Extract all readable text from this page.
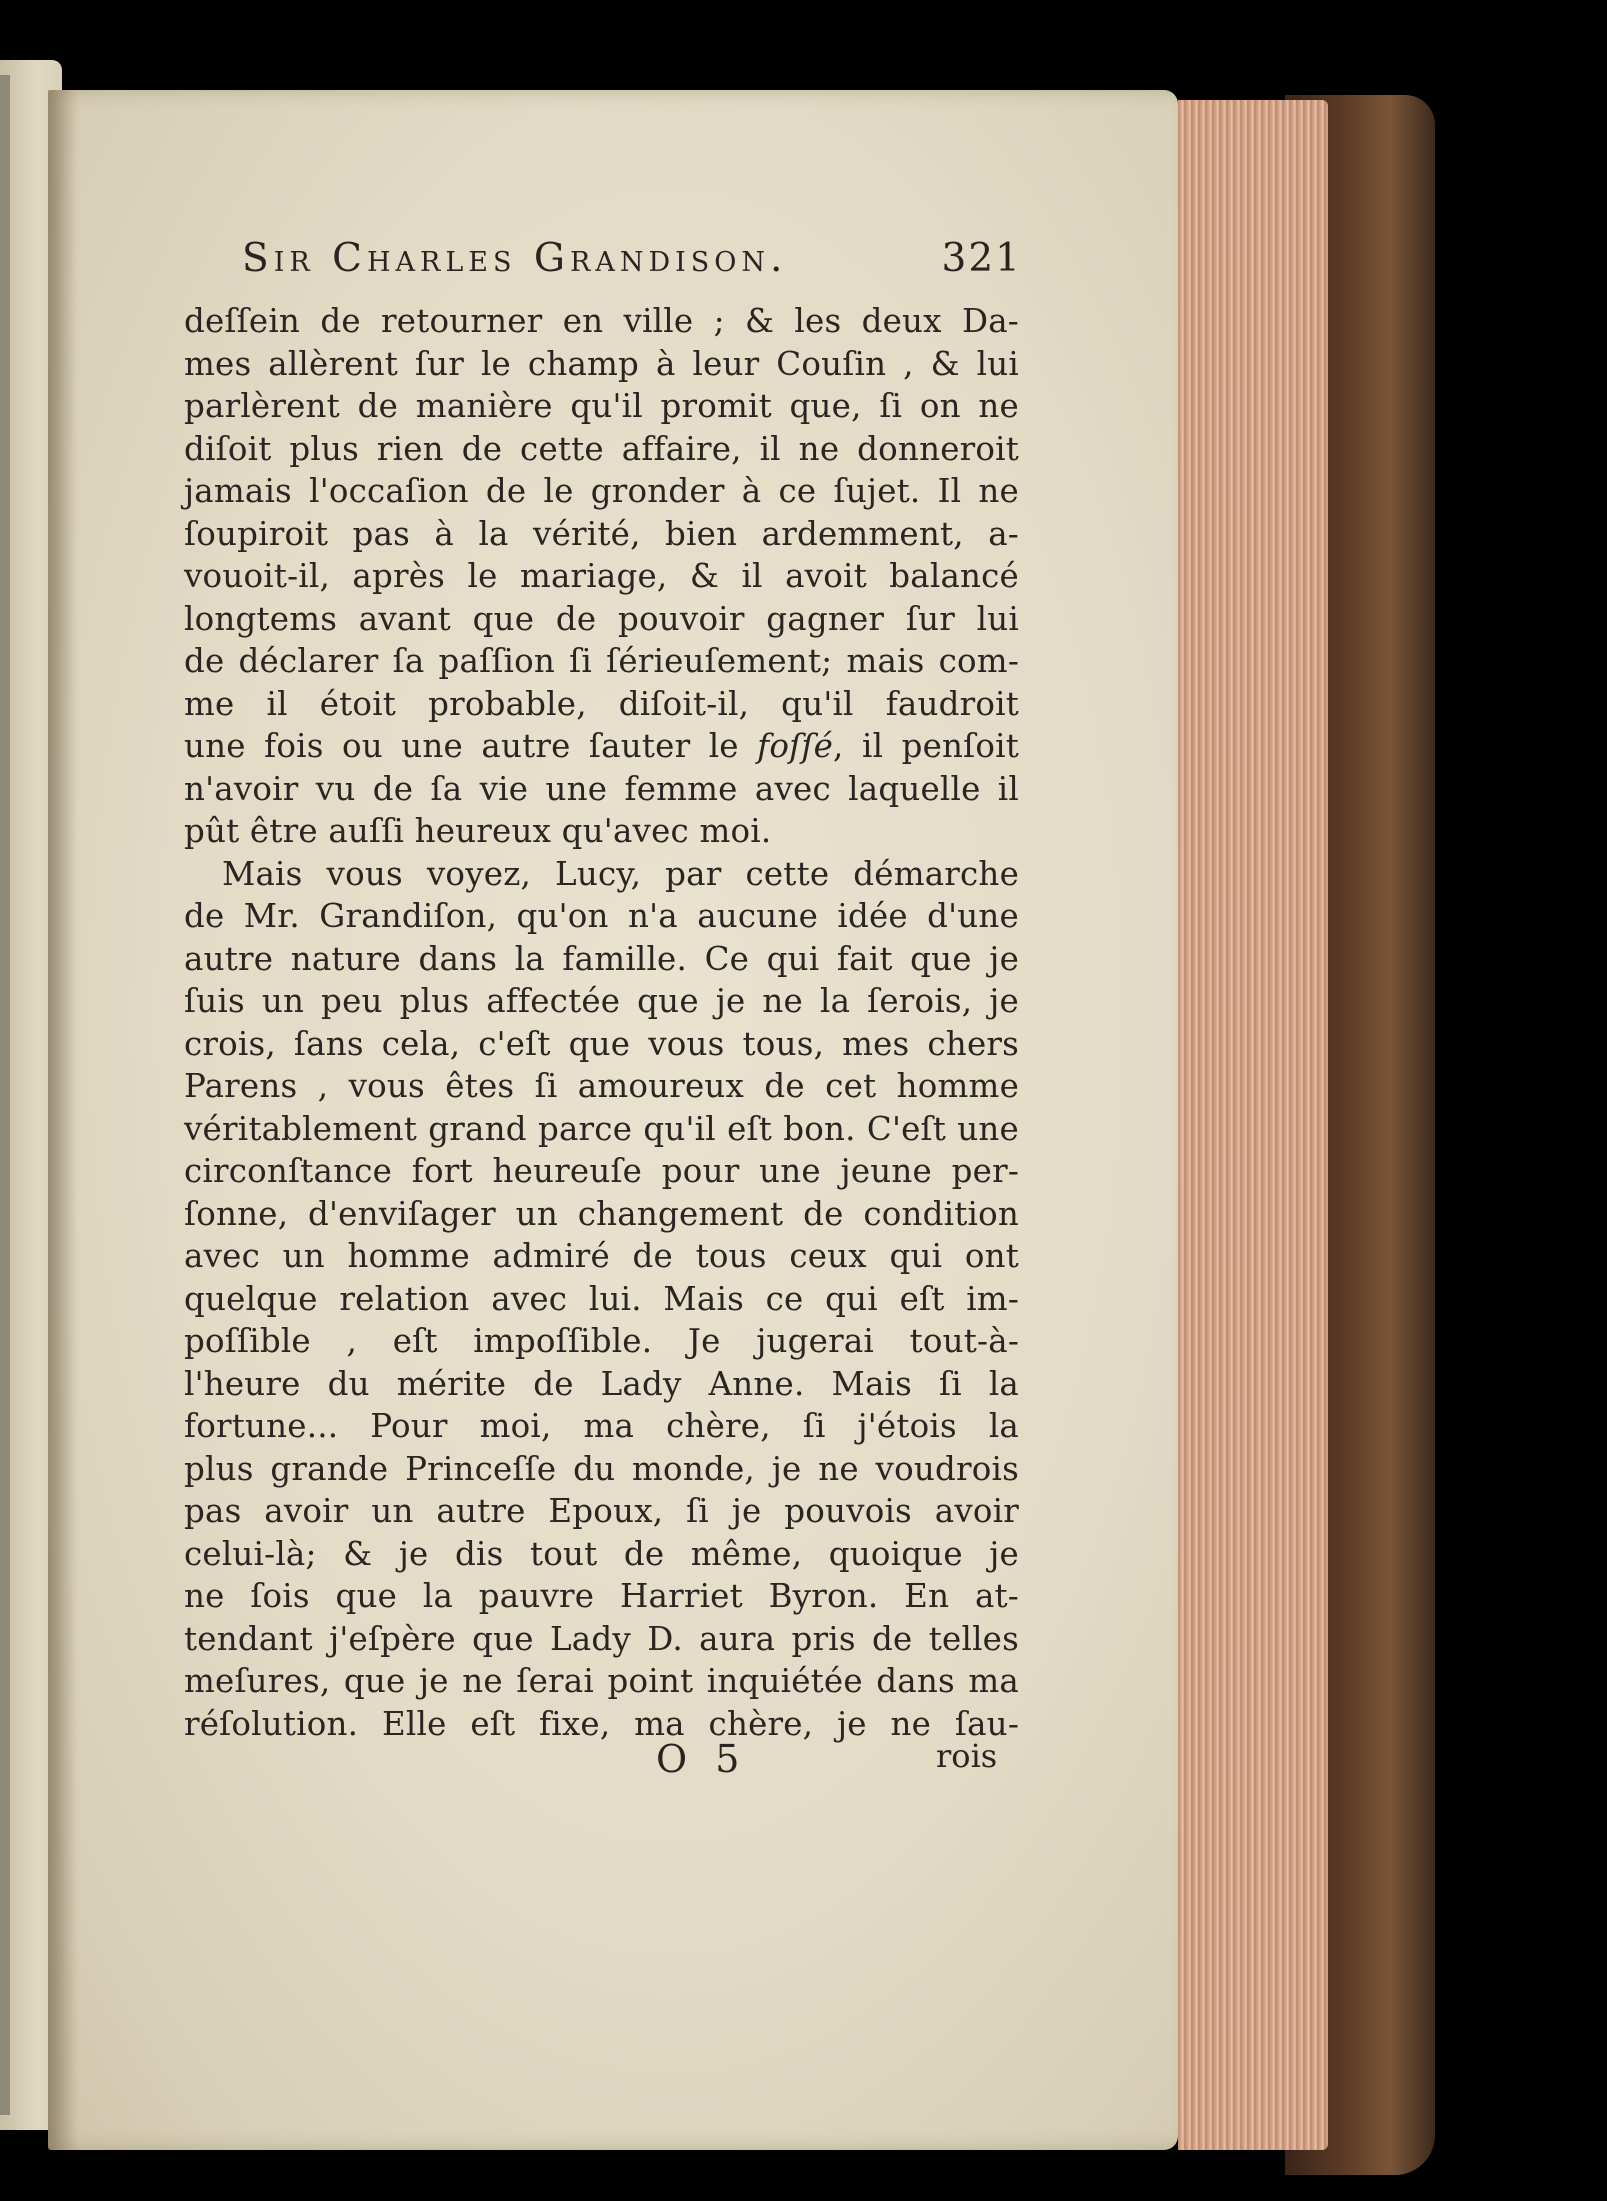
Sir Charles Grandison.	321
deſſein de retourner en ville ; & les deux Da-
mes allèrent ſur le champ à leur Couſin , & lui
parlèrent de manière qu'il promit que, ſi on ne
diſoit plus rien de cette affaire, il ne donneroit
jamais l'occaſion de le gronder à ce ſujet. Il ne
ſoupiroit pas à la vérité, bien ardemment, a-
vouoit-il, après le mariage, & il avoit balancé
longtems avant que de pouvoir gagner ſur lui
de déclarer ſa paſſion ſi ſérieuſement; mais com-
me il étoit probable, diſoit-il, qu'il faudroit
une fois ou une autre ſauter le foſſé, il penſoit
n'avoir vu de ſa vie une femme avec laquelle il
pût être auſſi heureux qu'avec moi.
Mais vous voyez, Lucy, par cette démarche
de Mr. Grandiſon, qu'on n'a aucune idée d'une
autre nature dans la famille. Ce qui fait que je
ſuis un peu plus affectée que je ne la ſerois, je
crois, ſans cela, c'eſt que vous tous, mes chers
Parens , vous êtes ſi amoureux de cet homme
véritablement grand parce qu'il eſt bon. C'eſt une
circonſtance fort heureuſe pour une jeune per-
ſonne, d'enviſager un changement de condition
avec un homme admiré de tous ceux qui ont
quelque relation avec lui. Mais ce qui eſt im-
poſſible , eſt impoſſible. Je jugerai tout-à-
l'heure du mérite de Lady Anne. Mais ſi la
fortune... Pour moi, ma chère, ſi j'étois la
plus grande Princeſſe du monde, je ne voudrois
pas avoir un autre Epoux, ſi je pouvois avoir
celui-là; & je dis tout de même, quoique je
ne ſois que la pauvre Harriet Byron. En at-
tendant j'eſpère que Lady D. aura pris de telles
meſures, que je ne ſerai point inquiétée dans ma
réſolution. Elle eſt fixe, ma chère, je ne ſau-
O 5	rois
